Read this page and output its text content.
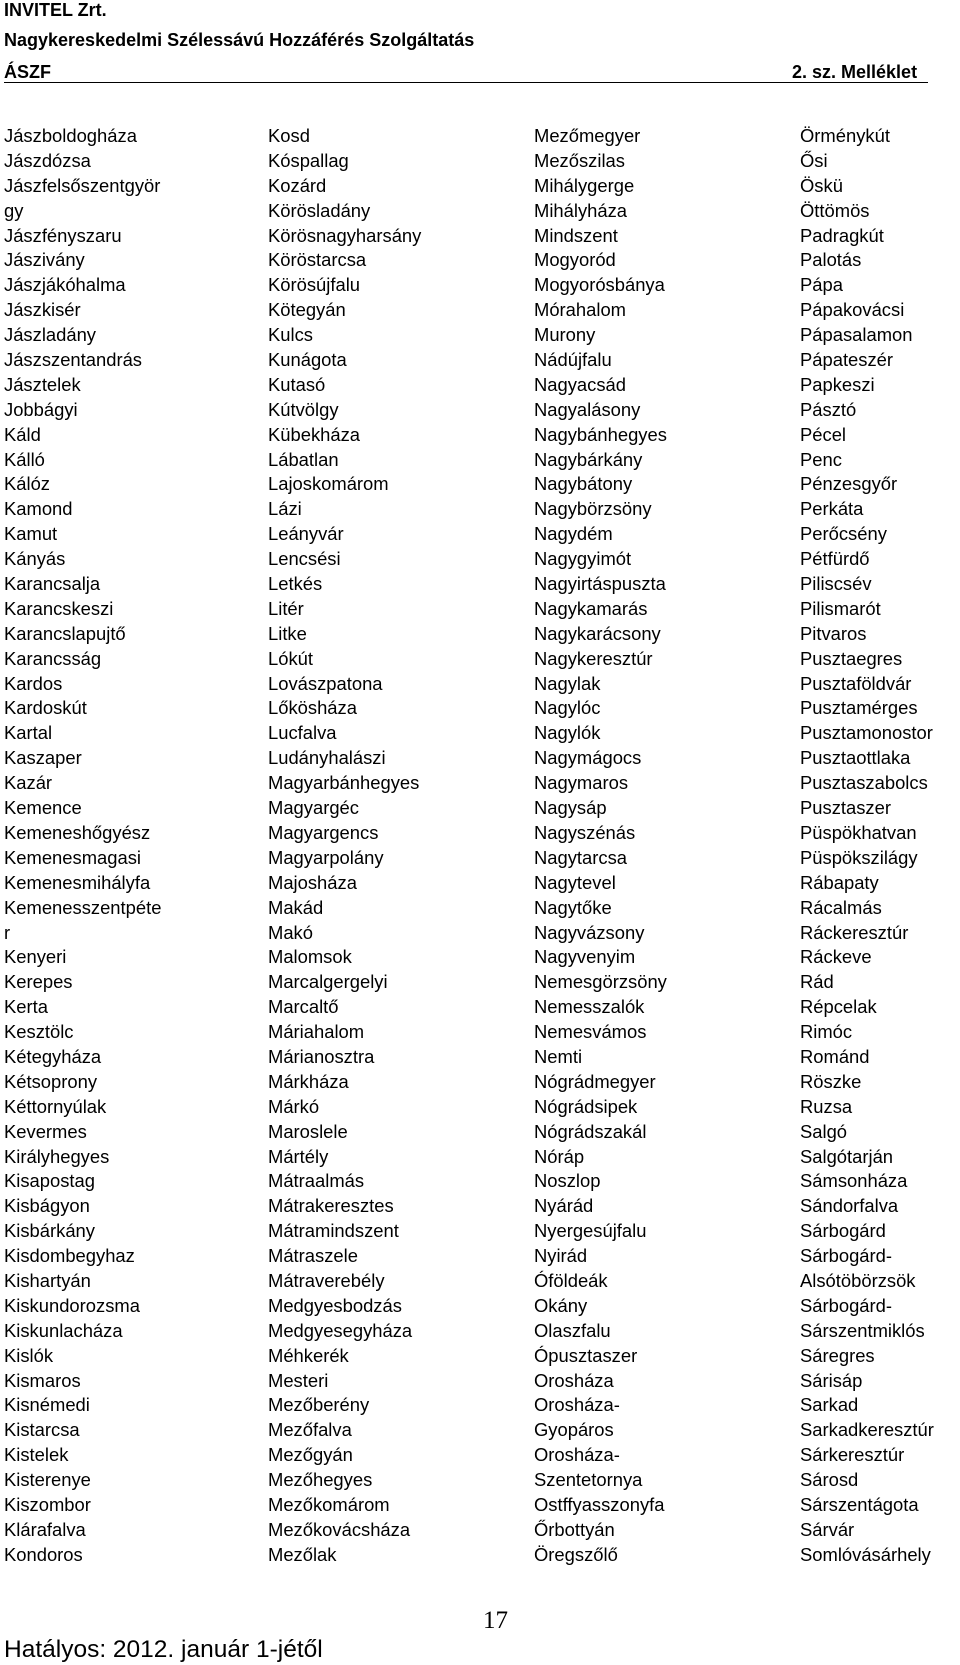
INVITEL Zrt.
Nagykereskedelmi Szélessávú Hozzáférés Szolgáltatás
ÁSZF	2. sz. Melléklet
Jászboldogháza
Jászdózsa
Jászfelsőszentgyör
gy
Jászfényszaru
Jászivány
Jászjákóhalma
Jászkisér
Jászladány
Jászszentandrás
Jásztelek
Jobbágyi
Káld
Kálló
Kálóz
Kamond
Kamut
Kányás
Karancsalja
Karancskeszi
Karancslapujtő
Karancsság
Kardos
Kardoskút
Kartal
Kaszaper
Kazár
Kemence
Kemeneshőgyész
Kemenesmagasi
Kemenesmihályfa
Kemenesszentpéte
r
Kenyeri
Kerepes
Kerta
Kesztölc
Kétegyháza
Kétsoprony
Kéttornyúlak
Kevermes
Királyhegyes
Kisapostag
Kisbágyon
Kisbárkány
Kisdombegyhaz
Kishartyán
Kiskundorozsma
Kiskunlacháza
Kislók
Kismaros
Kisnémedi
Kistarcsa
Kistelek
Kisterenye
Kiszombor
Klárafalva
Kondoros
Kosd
Kóspallag
Kozárd
Körösladány
Körösnagyharsány
Köröstarcsa
Körösújfalu
Kötegyán
Kulcs
Kunágota
Kutasó
Kútvölgy
Kübekháza
Lábatlan
Lajoskomárom
Lázi
Leányvár
Lencsési
Letkés
Litér
Litke
Lókút
Lovászpatona
Lőkösháza
Lucfalva
Ludányhalászi
Magyarbánhegyes
Magyargéc
Magyargencs
Magyarpolány
Majosháza
Makád
Makó
Malomsok
Marcalgergelyi
Marcaltő
Máriahalom
Márianosztra
Márkháza
Márkó
Maroslele
Mártély
Mátraalmás
Mátrakeresztes
Mátramindszent
Mátraszele
Mátraverebély
Medgyesbodzás
Medgyesegyháza
Méhkerék
Mesteri
Mezőberény
Mezőfalva
Mezőgyán
Mezőhegyes
Mezőkomárom
Mezőkovácsháza
Mezőlak
Mezőmegyer
Mezőszilas
Mihálygerge
Mihályháza
Mindszent
Mogyoród
Mogyorósbánya
Mórahalom
Murony
Nádújfalu
Nagyacsád
Nagyalásony
Nagybánhegyes
Nagybárkány
Nagybátony
Nagybörzsöny
Nagydém
Nagygyimót
Nagyirtáspuszta
Nagykamarás
Nagykarácsony
Nagykeresztúr
Nagylak
Nagylóc
Nagylók
Nagymágocs
Nagymaros
Nagysáp
Nagyszénás
Nagytarcsa
Nagytevel
Nagytőke
Nagyvázsony
Nagyvenyim
Nemesgörzsöny
Nemesszalók
Nemesvámos
Nemti
Nógrádmegyer
Nógrádsipek
Nógrádszakál
Nóráp
Noszlop
Nyárád
Nyergesújfalu
Nyirád
Óföldeák
Okány
Olaszfalu
Ópusztaszer
Orosháza
Orosháza-
Gyopáros
Orosháza-
Szentetornya
Ostffyasszonyfa
Őrbottyán
Öregszőlő
Örménykút
Ősi
Öskü
Öttömös
Padragkút
Palotás
Pápa
Pápakovácsi
Pápasalamon
Pápateszér
Papkeszi
Pásztó
Pécel
Penc
Pénzesgyőr
Perkáta
Perőcsény
Pétfürdő
Piliscsév
Pilismarót
Pitvaros
Pusztaegres
Pusztaföldvár
Pusztamérges
Pusztamonostor
Pusztaottlaka
Pusztaszabolcs
Pusztaszer
Püspökhatvan
Püspökszilágy
Rábapaty
Rácalmás
Ráckeresztúr
Ráckeve
Rád
Répcelak
Rimóc
Románd
Röszke
Ruzsa
Salgó
Salgótarján
Sámsonháza
Sándorfalva
Sárbogárd
Sárbogárd-
Alsótöbörzsök
Sárbogárd-
Sárszentmiklós
Sáregres
Sárisáp
Sarkad
Sarkadkeresztúr
Sárkeresztúr
Sárosd
Sárszentágota
Sárvár
Somlóvásárhely
17
Hatályos: 2012. január 1-jétől
